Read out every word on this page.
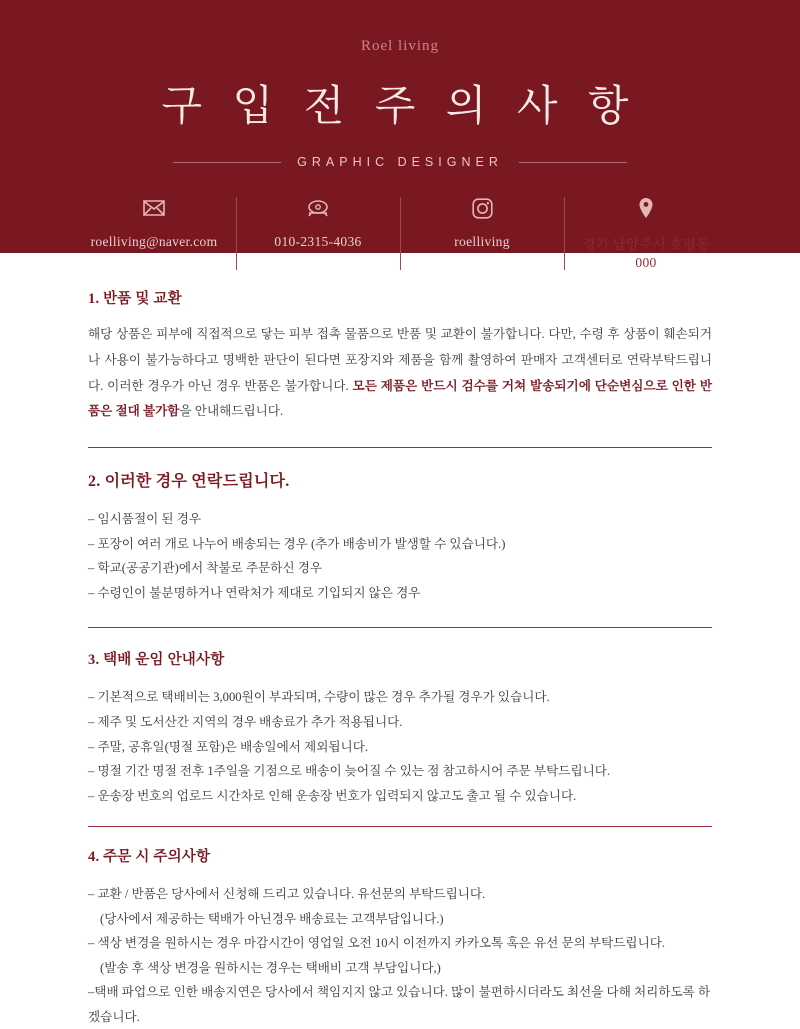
Roel living
구 입 전 주 의 사 항
GRAPHIC DESIGNER
roelliving@naver.com	010-2315-4036	roelliving	경기 남양주시 호평동 000
1. 반품 및 교환

해당 상품은 피부에 직접적으로 닿는 피부 접촉 물품으로 반품 및 교환이 불가합니다. 다만, 수령 후 상품이 훼손되거나 사용이 불가능하다고 명백한 판단이 된다면 포장지와 제품을 함께 촬영하여 판매자 고객센터로 연락부탁드립니다. 이러한 경우가 아닌 경우 반품은 불가합니다. 모든 제품은 반드시 검수를 거쳐 발송되기에 단순변심으로 인한 반품은 절대 불가함을 안내해드립니다.

2. 이러한 경우 연락드립니다.
– 임시품절이 된 경우
– 포장이 여러 개로 나누어 배송되는 경우 (추가 배송비가 발생할 수 있습니다.)
– 학교(공공기관)에서 착불로 주문하신 경우
– 수령인이 불분명하거나 연락처가 제대로 기입되지 않은 경우
3. 택배 운임 안내사항
– 기본적으로 택배비는 3,000원이 부과되며, 수량이 많은 경우 추가될 경우가 있습니다.
– 제주 및 도서산간 지역의 경우 배송료가 추가 적용됩니다.
– 주말, 공휴일(명절 포함)은 배송일에서 제외됩니다.
– 명절 기간 명절 전후 1주일을 기점으로 배송이 늦어질 수 있는 점 참고하시어 주문 부탁드립니다.
– 운송장 번호의 업로드 시간차로 인해 운송장 번호가 입력되지 않고도 출고 될 수 있습니다.
4. 주문 시 주의사항
– 교환 / 반품은 당사에서 신청해 드리고 있습니다. 유선문의 부탁드립니다.
(당사에서 제공하는 택배가 아닌경우 배송료는 고객부담입니다.)
– 색상 변경을 원하시는 경우 마감시간이 영업일 오전 10시 이전까지 카카오톡 혹은 유선 문의 부탁드립니다.
(발송 후 색상 변경을 원하시는 경우는 택배비 고객 부담입니다,)
–택배 파업으로 인한 배송지연은 당사에서 책임지지 않고 있습니다. 많이 불편하시더라도 최선을 다해 처리하도록 하겠습니다.
